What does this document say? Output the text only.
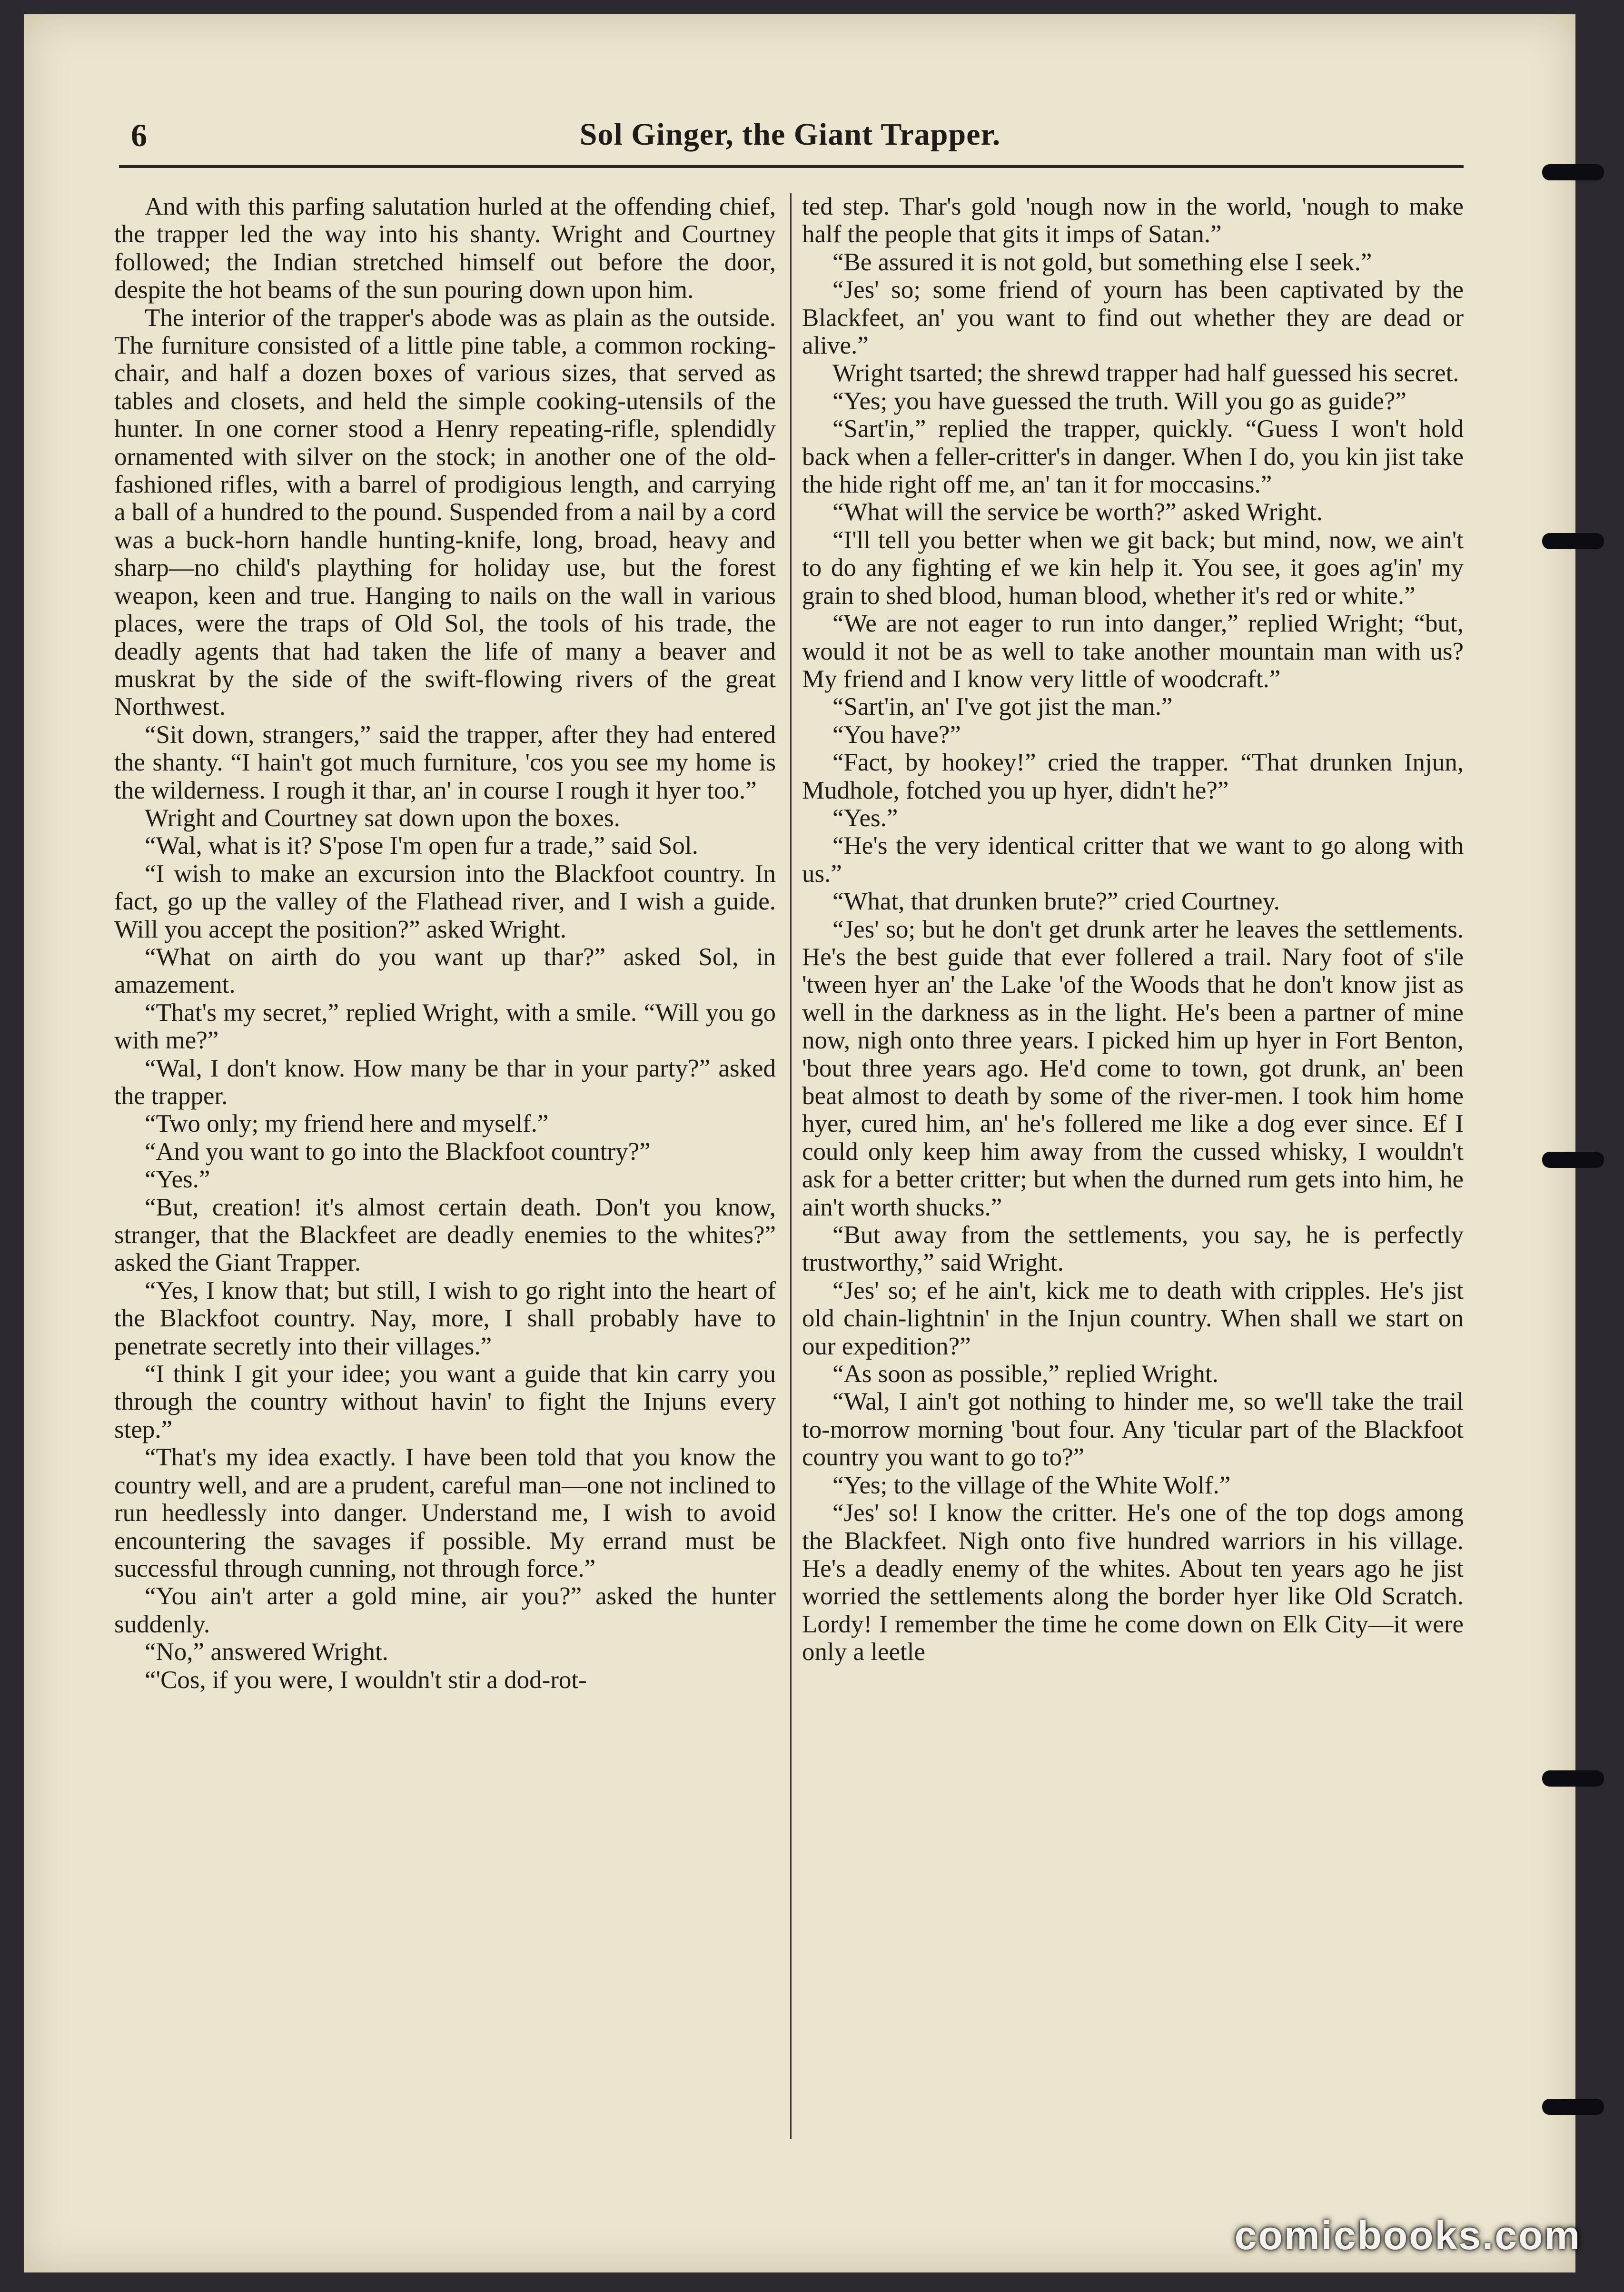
6	Sol Ginger, the Giant Trapper.

And with this parfing salutation hurled at the offending chief, the trapper led the way into his shanty. Wright and Courtney followed; the Indian stretched himself out before the door, despite the hot beams of the sun pouring down upon him.

The interior of the trapper's abode was as plain as the outside. The furniture consisted of a little pine table, a common rocking-chair, and half a dozen boxes of various sizes, that served as tables and closets, and held the simple cooking-utensils of the hunter. In one corner stood a Henry repeating-rifle, splendidly ornamented with silver on the stock; in another one of the old-fashioned rifles, with a barrel of prodigious length, and carrying a ball of a hundred to the pound. Suspended from a nail by a cord was a buck-horn handle hunting-knife, long, broad, heavy and sharp—no child's plaything for holiday use, but the forest weapon, keen and true. Hanging to nails on the wall in various places, were the traps of Old Sol, the tools of his trade, the deadly agents that had taken the life of many a beaver and muskrat by the side of the swift-flowing rivers of the great Northwest.

“Sit down, strangers,” said the trapper, after they had entered the shanty. “I hain't got much furniture, 'cos you see my home is the wilderness. I rough it thar, an' in course I rough it hyer too.”

Wright and Courtney sat down upon the boxes.

“Wal, what is it? S'pose I'm open fur a trade,” said Sol.

“I wish to make an excursion into the Blackfoot country. In fact, go up the valley of the Flathead river, and I wish a guide. Will you accept the position?” asked Wright.

“What on airth do you want up thar?” asked Sol, in amazement.

“That's my secret,” replied Wright, with a smile. “Will you go with me?”

“Wal, I don't know. How many be thar in your party?” asked the trapper.

“Two only; my friend here and myself.”

“And you want to go into the Blackfoot country?”

“Yes.”

“But, creation! it's almost certain death. Don't you know, stranger, that the Blackfeet are deadly enemies to the whites?” asked the Giant Trapper.

“Yes, I know that; but still, I wish to go right into the heart of the Blackfoot country. Nay, more, I shall probably have to penetrate secretly into their villages.”

“I think I git your idee; you want a guide that kin carry you through the country without havin' to fight the Injuns every step.”

“That's my idea exactly. I have been told that you know the country well, and are a prudent, careful man—one not inclined to run heedlessly into danger. Understand me, I wish to avoid encountering the savages if possible. My errand must be successful through cunning, not through force.”

“You ain't arter a gold mine, air you?” asked the hunter suddenly.

“No,” answered Wright.

“'Cos, if you were, I wouldn't stir a dod-rot-

ted step. Thar's gold 'nough now in the world, 'nough to make half the people that gits it imps of Satan.”

“Be assured it is not gold, but something else I seek.”

“Jes' so; some friend of yourn has been captivated by the Blackfeet, an' you want to find out whether they are dead or alive.”

Wright tsarted; the shrewd trapper had half guessed his secret.

“Yes; you have guessed the truth. Will you go as guide?”

“Sart'in,” replied the trapper, quickly. “Guess I won't hold back when a feller-critter's in danger. When I do, you kin jist take the hide right off me, an' tan it for moccasins.”

“What will the service be worth?” asked Wright.

“I'll tell you better when we git back; but mind, now, we ain't to do any fighting ef we kin help it. You see, it goes ag'in' my grain to shed blood, human blood, whether it's red or white.”

“We are not eager to run into danger,” replied Wright; “but, would it not be as well to take another mountain man with us? My friend and I know very little of woodcraft.”

“Sart'in, an' I've got jist the man.”

“You have?”

“Fact, by hookey!” cried the trapper. “That drunken Injun, Mudhole, fotched you up hyer, didn't he?”

“Yes.”

“He's the very identical critter that we want to go along with us.”

“What, that drunken brute?” cried Courtney.

“Jes' so; but he don't get drunk arter he leaves the settlements. He's the best guide that ever follered a trail. Nary foot of s'ile 'tween hyer an' the Lake 'of the Woods that he don't know jist as well in the darkness as in the light. He's been a partner of mine now, nigh onto three years. I picked him up hyer in Fort Benton, 'bout three years ago. He'd come to town, got drunk, an' been beat almost to death by some of the river-men. I took him home hyer, cured him, an' he's follered me like a dog ever since. Ef I could only keep him away from the cussed whisky, I wouldn't ask for a better critter; but when the durned rum gets into him, he ain't worth shucks.”

“But away from the settlements, you say, he is perfectly trustworthy,” said Wright.

“Jes' so; ef he ain't, kick me to death with cripples. He's jist old chain-lightnin' in the Injun country. When shall we start on our expedition?”

“As soon as possible,” replied Wright.

“Wal, I ain't got nothing to hinder me, so we'll take the trail to-morrow morning 'bout four. Any 'ticular part of the Blackfoot country you want to go to?”

“Yes; to the village of the White Wolf.”

“Jes' so! I know the critter. He's one of the top dogs among the Blackfeet. Nigh onto five hundred warriors in his village. He's a deadly enemy of the whites. About ten years ago he jist worried the settlements along the border hyer like Old Scratch. Lordy! I remember the time he come down on Elk City—it were only a leetle

comicbooks.com
